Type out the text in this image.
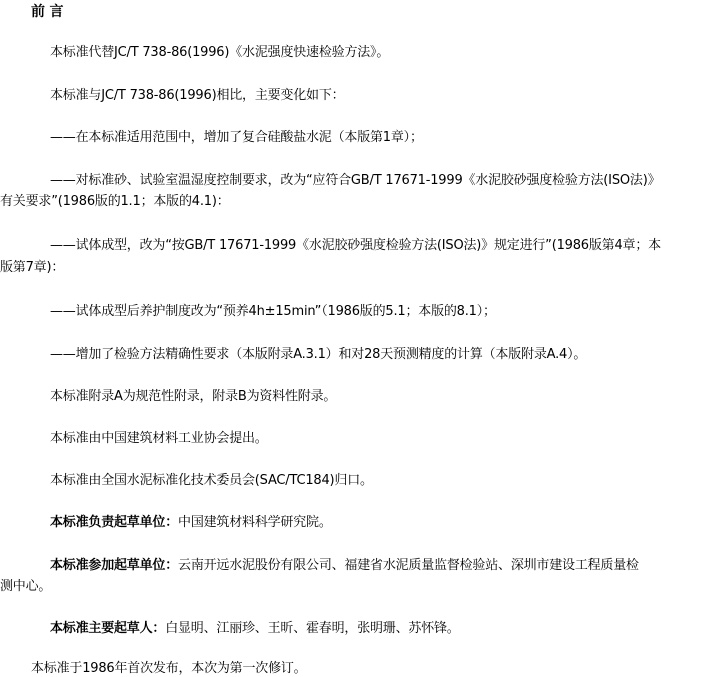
前 言
本标准代替JC/T 738-86(1996)《水泥强度快速检验方法》。
本标准与JC/T 738-86(1996)相比，主要变化如下：
——在本标准适用范围中，增加了复合硅酸盐水泥（本版第1章）；
——对标准砂、试验室温湿度控制要求，改为“应符合GB/T 17671-1999《水泥胶砂强度检验方法(ISO法)》
有关要求”(1986版的1.1；本版的4.1)：
——试体成型，改为“按GB/T 17671-1999《水泥胶砂强度检验方法(ISO法)》规定进行”(1986版第4章；本
版第7章)：
——试体成型后养护制度改为“预养4h±15min”（1986版的5.1；本版的8.1）；
——增加了检验方法精确性要求（本版附录A.3.1）和对28天预测精度的计算（本版附录A.4）。
本标准附录A为规范性附录，附录B为资料性附录。
本标准由中国建筑材料工业协会提出。
本标准由全国水泥标准化技术委员会(SAC/TC184)归口。
本标准负责起草单位：中国建筑材料科学研究院。
本标准参加起草单位：云南开远水泥股份有限公司、福建省水泥质量监督检验站、深圳市建设工程质量检
测中心。
本标准主要起草人：白显明、江丽珍、王昕、霍春明，张明珊、苏怀锋。
本标准于1986年首次发布，本次为第一次修订。
